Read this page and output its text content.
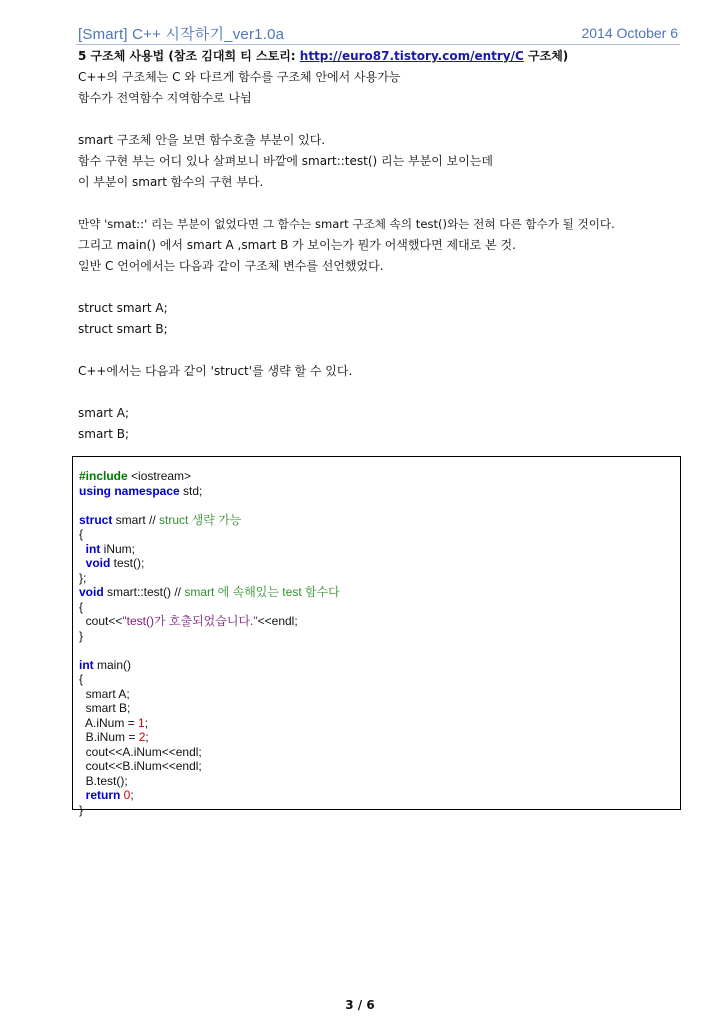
[Smart] C++ 시작하기_ver1.0a	2014 October 6
5 구조체 사용법 (참조 김대희 티 스토리: http://euro87.tistory.com/entry/C 구조체)
C++의 구조체는 C 와 다르게 함수를 구조체 안에서 사용가능
함수가 전역함수 지역함수로 나뉨
smart 구조체 안을 보면 함수호출 부분이 있다.
함수 구현 부는 어디 있나 살펴보니 바깥에 smart::test() 리는 부분이 보이는데
이 부분이 smart 함수의 구현 부다.
만약 'smat::' 리는 부분이 없었다면 그 함수는 smart 구조체 속의 test()와는 전혀 다른 함수가 될 것이다.
그리고 main() 에서 smart A ,smart B 가 보이는가 뭔가 어색했다면 제대로 본 것.
일반 C 언어에서는 다음과 같이 구조체 변수를 선언했었다.
struct smart A;
struct smart B;
C++에서는 다음과 같이 'struct'를 생략 할 수 있다.
smart A;
smart B;
#include <iostream>
using namespace std;
struct smart // struct 생략 가능
{
int iNum;
void test();
};
void smart::test() // smart 에 속해있는 test 함수다
{
cout<<"test()가 호출되었습니다."<<endl;
}
int main()
{
smart A;
smart B;
A.iNum = 1;
B.iNum = 2;
cout<<A.iNum<<endl;
cout<<B.iNum<<endl;
B.test();
return 0;
}
3 / 6
